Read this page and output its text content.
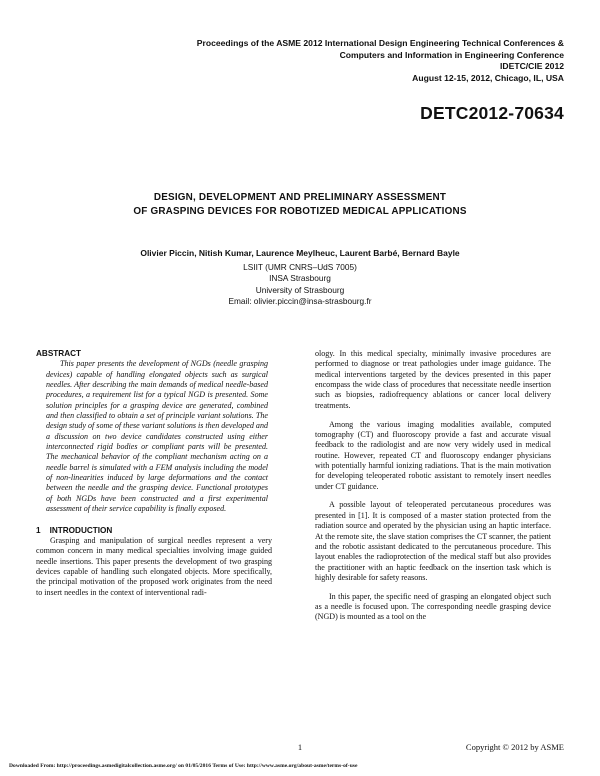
Proceedings of the ASME 2012 International Design Engineering Technical Conferences &
Computers and Information in Engineering Conference
IDETC/CIE 2012
August 12-15, 2012, Chicago, IL, USA
DETC2012-70634
DESIGN, DEVELOPMENT AND PRELIMINARY ASSESSMENT
OF GRASPING DEVICES FOR ROBOTIZED MEDICAL APPLICATIONS
Olivier Piccin, Nitish Kumar, Laurence Meylheuc, Laurent Barbé, Bernard Bayle
LSIIT (UMR CNRS–UdS 7005)
INSA Strasbourg
University of Strasbourg
Email: olivier.piccin@insa-strasbourg.fr
ABSTRACT

This paper presents the development of NGDs (needle grasping devices) capable of handling elongated objects such as surgical needles. After describing the main demands of medical needle-based procedures, a requirement list for a typical NGD is presented. Some solution principles for a grasping device are generated, combined and then classified to obtain a set of principle variant solutions. The design study of some of these variant solutions is then developed and a discussion on two device candidates constructed using either interconnected rigid bodies or compliant parts will be presented. The mechanical behavior of the compliant mechanism acting on a needle barrel is simulated with a FEM analysis including the model of non-linearities induced by large deformations and the contact between the needle and the grasping device. Functional prototypes of both NGDs have been constructed and a first experimental assessment of their service capability is finally exposed.

1 INTRODUCTION

Grasping and manipulation of surgical needles represent a very common concern in many medical specialties involving image guided needle insertions. This paper presents the development of two grasping devices capable of handling such elongated objects. More specifically, the principal motivation of the proposed work originates from the need to insert needles in the context of interventional radi-

ology. In this medical specialty, minimally invasive procedures are performed to diagnose or treat pathologies under image guidance. The medical interventions targeted by the devices presented in this paper encompass the wide class of procedures that necessitate needle insertion such as biopsies, radiofrequency ablations or cancer local delivery treatments.

Among the various imaging modalities available, computed tomography (CT) and fluoroscopy provide a fast and accurate visual feedback to the radiologist and are now very widely used in medical routine. However, repeated CT and fluoroscopy endanger physicians with potentially harmful ionizing radiations. That is the main motivation for developing teleoperated robotic assistant to remotely insert needles under CT guidance.

A possible layout of teleoperated percutaneous procedures was presented in [1]. It is composed of a master station protected from the radiation source and operated by the physician using an haptic interface. At the remote site, the slave station comprises the CT scanner, the patient and the robotic assistant dedicated to the percutaneous procedure. This layout enables the radioprotection of the medical staff but also provides the practitioner with an haptic feedback on the insertion task which is highly desirable for safety reasons.

In this paper, the specific need of grasping an elongated object such as a needle is focused upon. The corresponding needle grasping device (NGD) is mounted as a tool on the

1	Copyright © 2012 by ASME
Downloaded From: http://proceedings.asmedigitalcollection.asme.org/ on 01/05/2016 Terms of Use: http://www.asme.org/about-asme/terms-of-use
